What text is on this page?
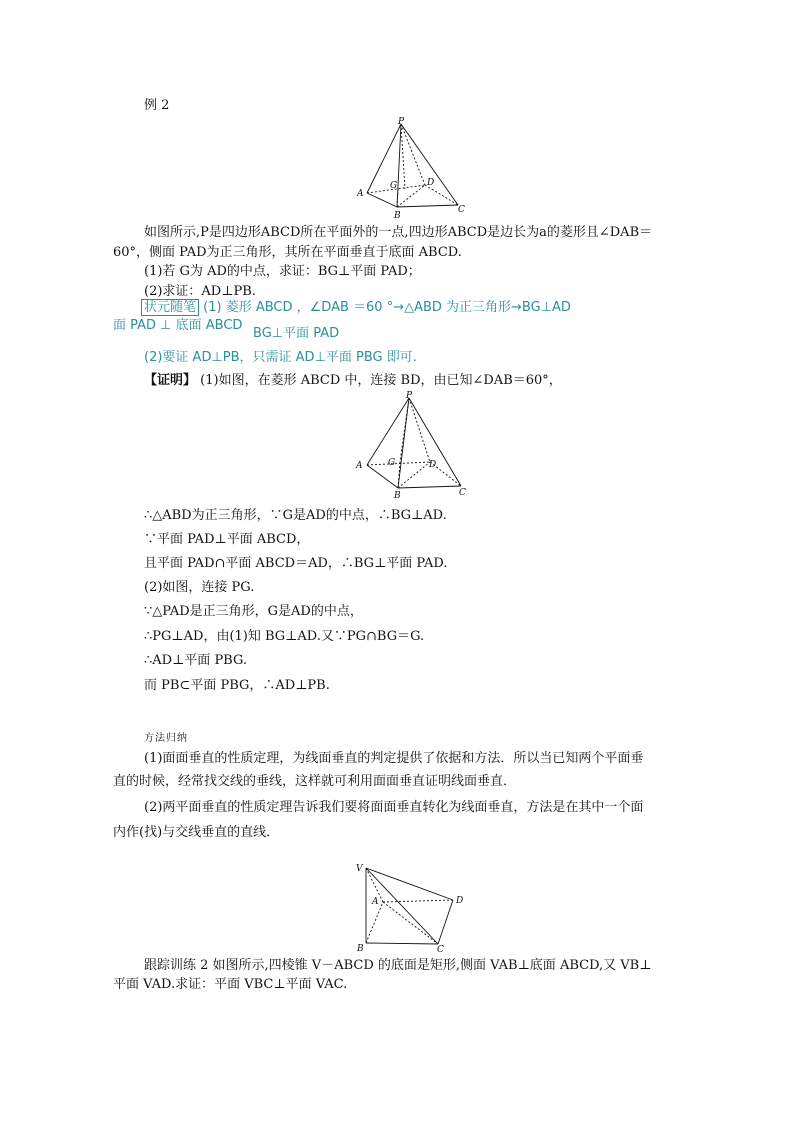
例 2
P
A
B
C
D
G
如图所示,P是四边形ABCD所在平面外的一点,四边形ABCD是边长为a的菱形且∠DAB＝
60°，侧面 PAD为正三角形，其所在平面垂直于底面 ABCD.
(1)若 G为 AD的中点，求证：BG⊥平面 PAD；
(2)求证：AD⊥PB.
状元随笔 (1) 菱形 ABCD ，∠DAB ＝60 °→△ABD 为正三角形→BG⊥AD
面 PAD ⊥ 底面 ABCD
BG⊥平面 PAD
(2)要证 AD⊥PB，只需证 AD⊥平面 PBG 即可.
【证明】 (1)如图，在菱形 ABCD 中，连接 BD，由已知∠DAB＝60°，
P
A
B	C
D
G
∴△ABD为正三角形，∵G是AD的中点，∴BG⊥AD.
∵平面 PAD⊥平面 ABCD，
且平面 PAD∩平面 ABCD＝AD，∴BG⊥平面 PAD.
(2)如图，连接 PG.
∵△PAD是正三角形，G是AD的中点，
∴PG⊥AD，由(1)知 BG⊥AD.又∵PG∩BG＝G.
∴AD⊥平面 PBG.
而 PB⊂平面 PBG，∴AD⊥PB.
方法归纳
(1)面面垂直的性质定理，为线面垂直的判定提供了依据和方法．所以当已知两个平面垂
直的时候，经常找交线的垂线，这样就可利用面面垂直证明线面垂直．
(2)两平面垂直的性质定理告诉我们要将面面垂直转化为线面垂直，方法是在其中一个面
内作(找)与交线垂直的直线．
V
A
B	C
D
跟踪训练 2 如图所示,四棱锥 V－ABCD 的底面是矩形,侧面 VAB⊥底面 ABCD,又 VB⊥
平面 VAD.求证：平面 VBC⊥平面 VAC.
